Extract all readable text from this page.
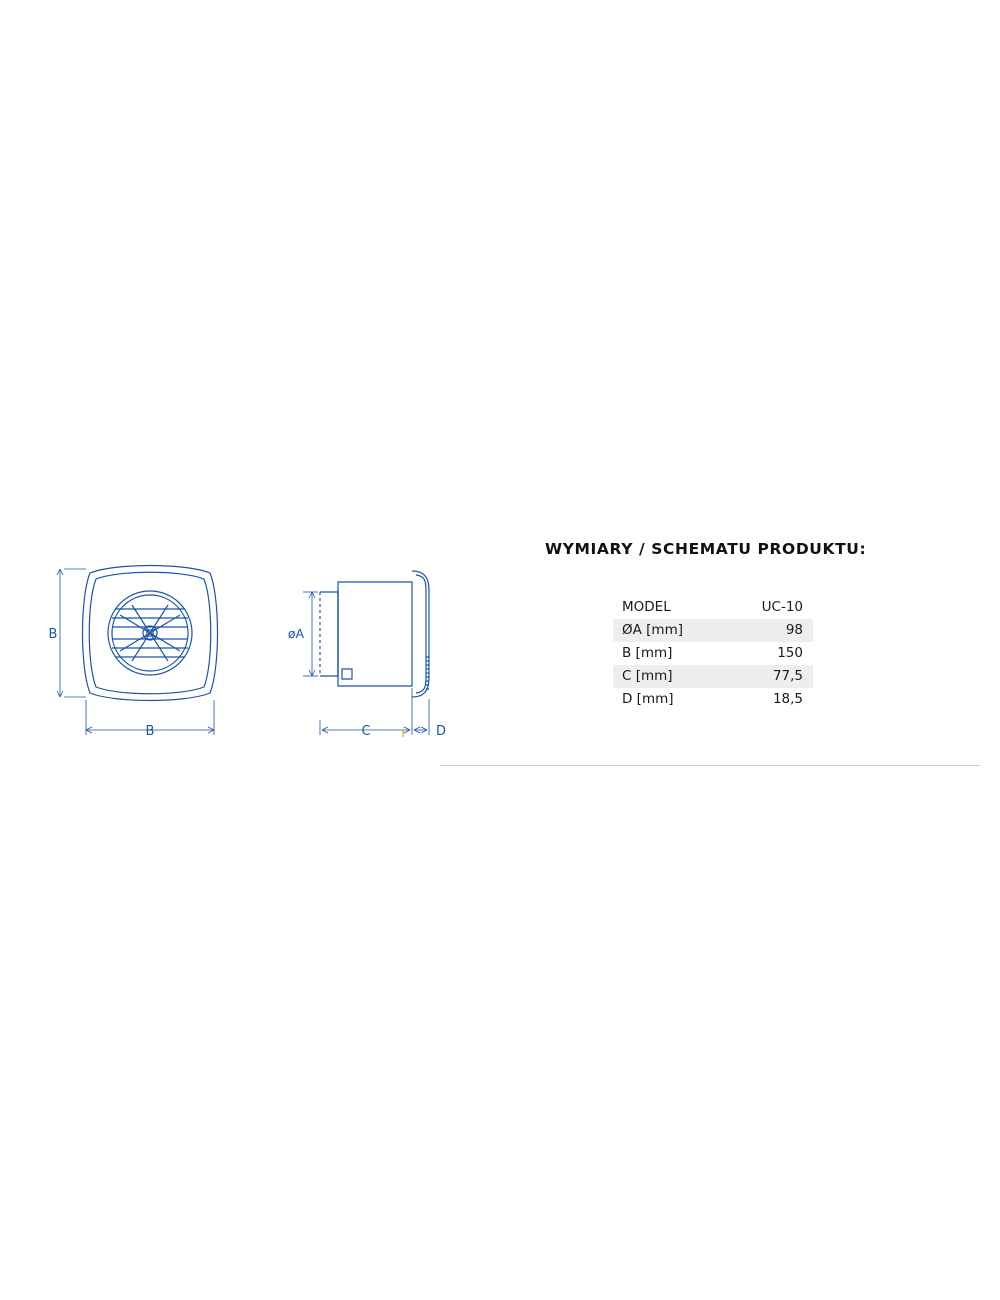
B
B
øA
C	D
WYMIARY / SCHEMATU PRODUKTU:
MODEL	UC-10
ØA [mm]	98
B [mm]	150
C [mm]	77,5
D [mm]	18,5
